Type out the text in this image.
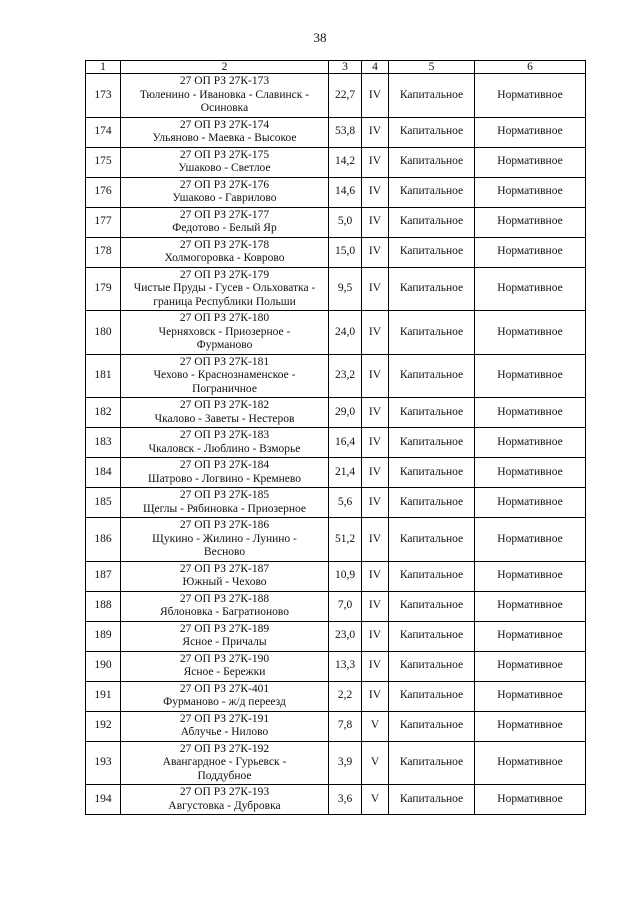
38
1	2	3	4	5	6
173	27 ОП РЗ 27К-173
Тюленино - Ивановка - Славинск -
Осиновка	22,7	IV	Капитальное	Нормативное
174	27 ОП РЗ 27К-174
Ульяново - Маевка - Высокое	53,8	IV	Капитальное	Нормативное
175	27 ОП РЗ 27К-175
Ушаково - Светлое	14,2	IV	Капитальное	Нормативное
176	27 ОП РЗ 27К-176
Ушаково - Гаврилово	14,6	IV	Капитальное	Нормативное
177	27 ОП РЗ 27К-177
Федотово - Белый Яр	5,0	IV	Капитальное	Нормативное
178	27 ОП РЗ 27К-178
Холмогоровка - Коврово	15,0	IV	Капитальное	Нормативное
179	27 ОП РЗ 27К-179
Чистые Пруды - Гусев - Ольховатка -
граница Республики Польши	9,5	IV	Капитальное	Нормативное
180	27 ОП РЗ 27К-180
Черняховск - Приозерное -
Фурманово	24,0	IV	Капитальное	Нормативное
181	27 ОП РЗ 27К-181
Чехово - Краснознаменское -
Пограничное	23,2	IV	Капитальное	Нормативное
182	27 ОП РЗ 27К-182
Чкалово - Заветы - Нестеров	29,0	IV	Капитальное	Нормативное
183	27 ОП РЗ 27К-183
Чкаловск - Люблино - Взморье	16,4	IV	Капитальное	Нормативное
184	27 ОП РЗ 27К-184
Шатрово - Логвино - Кремнево	21,4	IV	Капитальное	Нормативное
185	27 ОП РЗ 27К-185
Щеглы - Рябиновка - Приозерное	5,6	IV	Капитальное	Нормативное
186	27 ОП РЗ 27К-186
Щукино - Жилино - Лунино -
Весново	51,2	IV	Капитальное	Нормативное
187	27 ОП РЗ 27К-187
Южный - Чехово	10,9	IV	Капитальное	Нормативное
188	27 ОП РЗ 27К-188
Яблоновка - Багратионово	7,0	IV	Капитальное	Нормативное
189	27 ОП РЗ 27К-189
Ясное - Причалы	23,0	IV	Капитальное	Нормативное
190	27 ОП РЗ 27К-190
Ясное - Бережки	13,3	IV	Капитальное	Нормативное
191	27 ОП РЗ 27К-401
Фурманово - ж/д переезд	2,2	IV	Капитальное	Нормативное
192	27 ОП РЗ 27К-191
Аблучье - Нилово	7,8	V	Капитальное	Нормативное
193	27 ОП РЗ 27К-192
Авангардное - Гурьевск -
Поддубное	3,9	V	Капитальное	Нормативное
194	27 ОП РЗ 27К-193
Августовка - Дубровка	3,6	V	Капитальное	Нормативное
